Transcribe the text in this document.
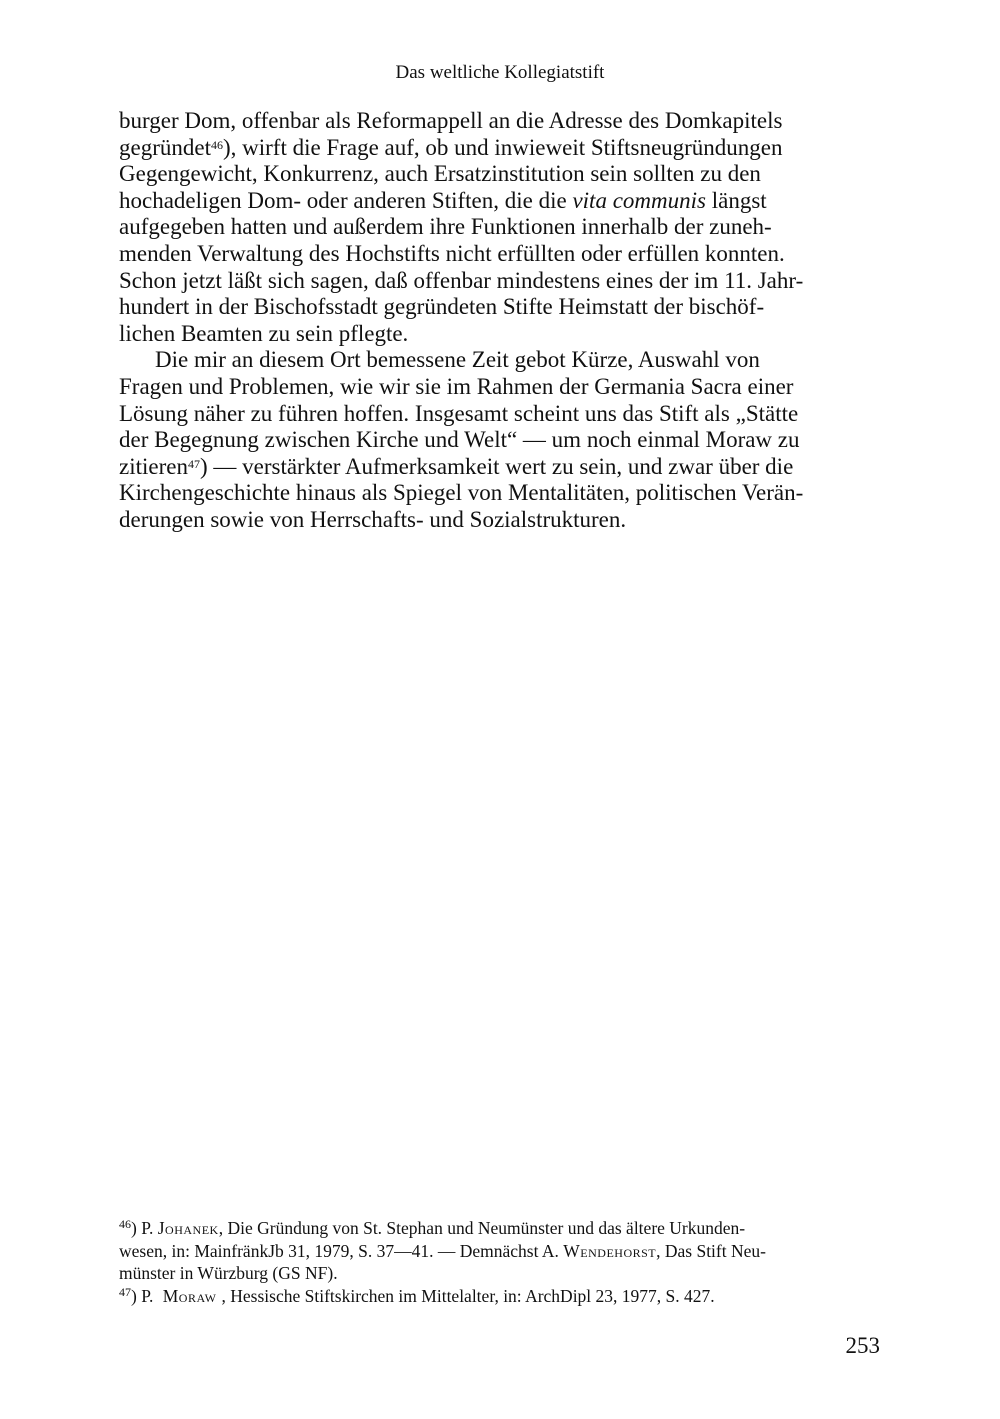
Das weltliche Kollegiatstift
burger Dom, offenbar als Reformappell an die Adresse des Domkapitels
gegründet$^{46}$), wirft die Frage auf, ob und inwieweit Stiftsneugründungen
Gegengewicht, Konkurrenz, auch Ersatzinstitution sein sollten zu den
hochadeligen Dom- oder anderen Stiften, die die vita communis längst
aufgegeben hatten und außerdem ihre Funktionen innerhalb der zuneh-
menden Verwaltung des Hochstifts nicht erfüllten oder erfüllen konnten.
Schon jetzt läßt sich sagen, daß offenbar mindestens eines der im 11. Jahr-
hundert in der Bischofsstadt gegründeten Stifte Heimstatt der bischöf-
lichen Beamten zu sein pflegte.
Die mir an diesem Ort bemessene Zeit gebot Kürze, Auswahl von
Fragen und Problemen, wie wir sie im Rahmen der Germania Sacra einer
Lösung näher zu führen hoffen. Insgesamt scheint uns das Stift als „Stätte
der Begegnung zwischen Kirche und Welt“ — um noch einmal Moraw zu
zitieren$^{47}$) — verstärkter Aufmerksamkeit wert zu sein, und zwar über die
Kirchengeschichte hinaus als Spiegel von Mentalitäten, politischen Verän-
derungen sowie von Herrschafts- und Sozialstrukturen.
$^{46}$) P. Johanek, Die Gründung von St. Stephan und Neumünster und das ältere Urkunden-
wesen, in: MainfränkJb 31, 1979, S. 37—41. — Demnächst A. Wendehorst, Das Stift Neu-
münster in Würzburg (GS NF).
$^{47}$) P. Moraw , Hessische Stiftskirchen im Mittelalter, in: ArchDipl 23, 1977, S. 427.
253
